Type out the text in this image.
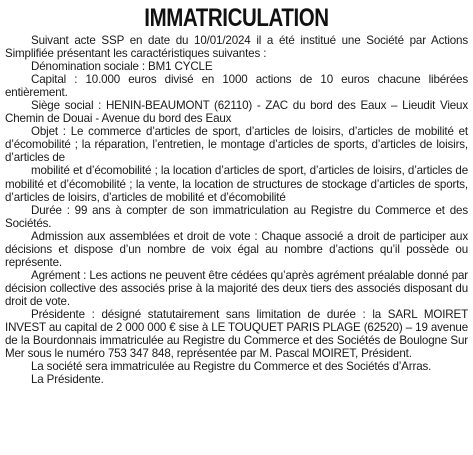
IMMATRICULATION

Suivant acte SSP en date du 10/01/2024 il a été institué une Société par Actions Simplifiée présentant les caractéristiques suivantes :

Dénomination sociale : BM1 CYCLE

Capital : 10.000 euros divisé en 1000 actions de 10 euros chacune libérées entièrement.

Siège social : HENIN-BEAUMONT (62110) - ZAC du bord des Eaux – Lieudit Vieux Chemin de Douai - Avenue du bord des Eaux

Objet : Le commerce d’articles de sport, d’articles de loisirs, d’articles de mobilité et d’écomobilité ; la réparation, l’entretien, le montage d’articles de sports, d’articles de loisirs, d’articles de

mobilité et d’écomobilité ; la location d’articles de sport, d’articles de loisirs, d’articles de mobilité et d’écomobilité ; la vente, la location de structures de stockage d’articles de sports, d’articles de loisirs, d’articles de mobilité et d’écomobilité

Durée : 99 ans à compter de son immatriculation au Registre du Commerce et des Sociétés.

Admission aux assemblées et droit de vote : Chaque associé a droit de participer aux décisions et dispose d’un nombre de voix égal au nombre d’actions qu’il possède ou représente.

Agrément : Les actions ne peuvent être cédées qu’après agrément préalable donné par décision collective des associés prise à la majorité des deux tiers des associés disposant du droit de vote.

Présidente : désigné statutairement sans limitation de durée : la SARL MOIRET INVEST au capital de 2 000 000 € sise à LE TOUQUET PARIS PLAGE (62520) – 19 avenue de la Bourdonnais immatriculée au Registre du Commerce et des Sociétés de Boulogne Sur Mer sous le numéro 753 347 848, représentée par M. Pascal MOIRET, Président.

La société sera immatriculée au Registre du Commerce et des Sociétés d’Arras.

La Présidente.
